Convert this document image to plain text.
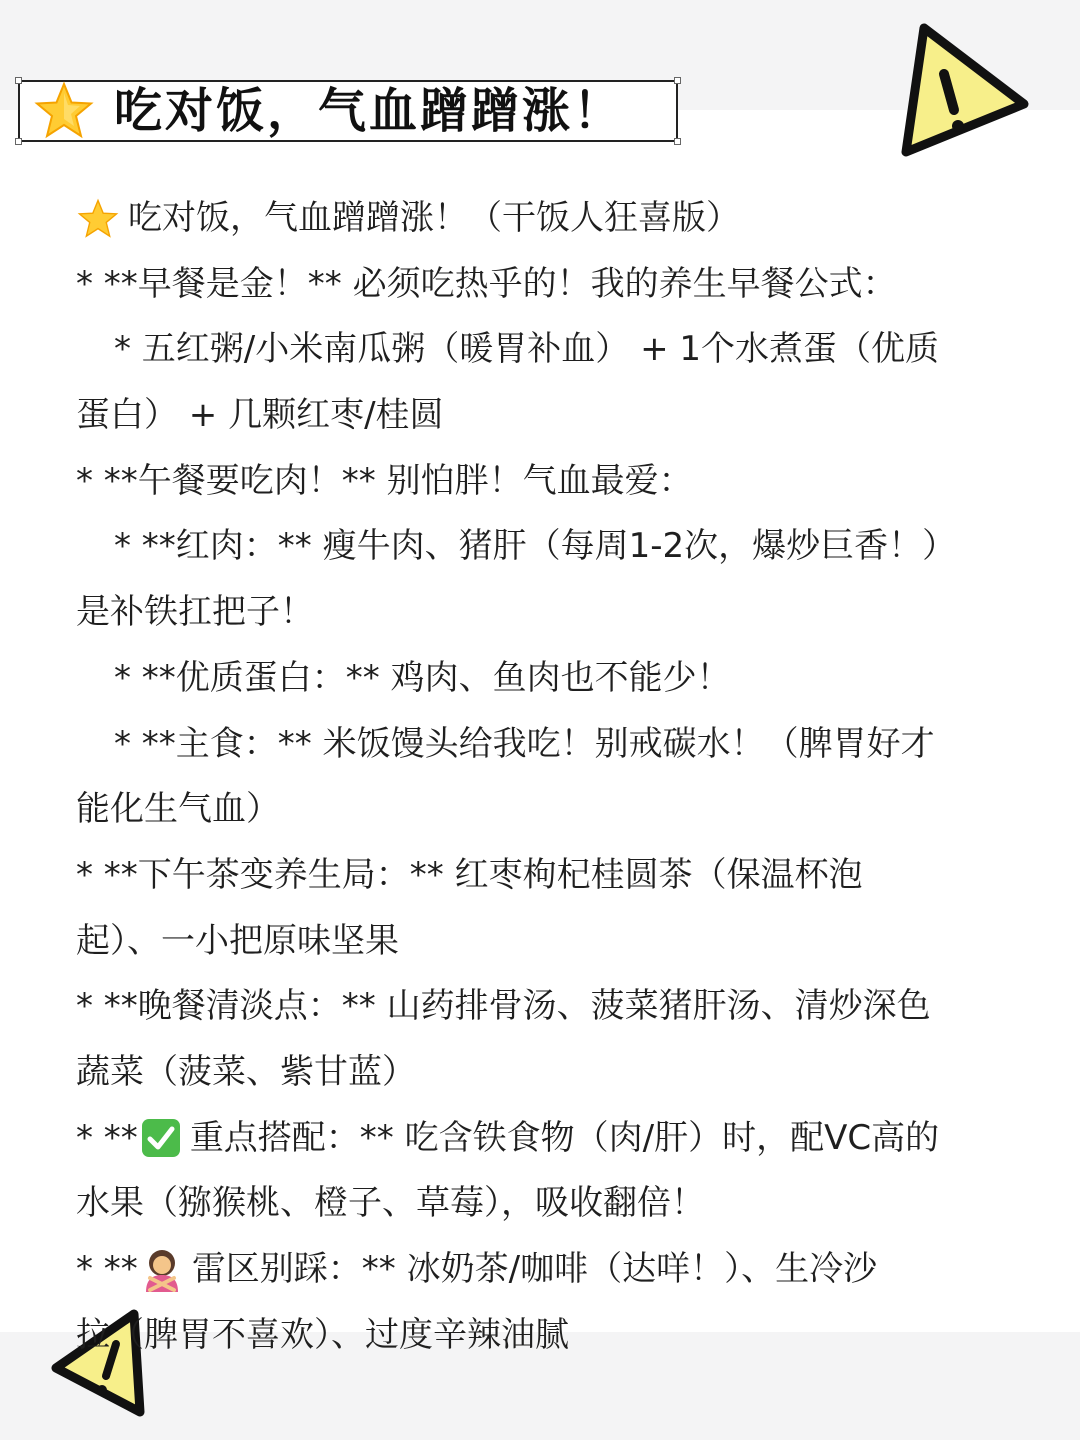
吃对饭，气血蹭蹭涨！
吃对饭，气血蹭蹭涨！（干饭人狂喜版）
* **早餐是金！** 必须吃热乎的！我的养生早餐公式：
* 五红粥/小米南瓜粥（暖胃补血） + 1个水煮蛋（优质
蛋白） + 几颗红枣/桂圆
* **午餐要吃肉！** 别怕胖！气血最爱：
* **红肉：** 瘦牛肉、猪肝（每周1-2次，爆炒巨香！）
是补铁扛把子！
* **优质蛋白：** 鸡肉、鱼肉也不能少！
* **主食：** 米饭馒头给我吃！别戒碳水！（脾胃好才
能化生气血）
* **下午茶变养生局：** 红枣枸杞桂圆茶（保温杯泡
起）、一小把原味坚果
* **晚餐清淡点：** 山药排骨汤、菠菜猪肝汤、清炒深色
蔬菜（菠菜、紫甘蓝）
* ** 重点搭配：** 吃含铁食物（肉/肝）时，配VC高的
水果（猕猴桃、橙子、草莓），吸收翻倍！
* ** 雷区别踩：** 冰奶茶/咖啡（达咩！）、生冷沙
拉（脾胃不喜欢）、过度辛辣油腻
